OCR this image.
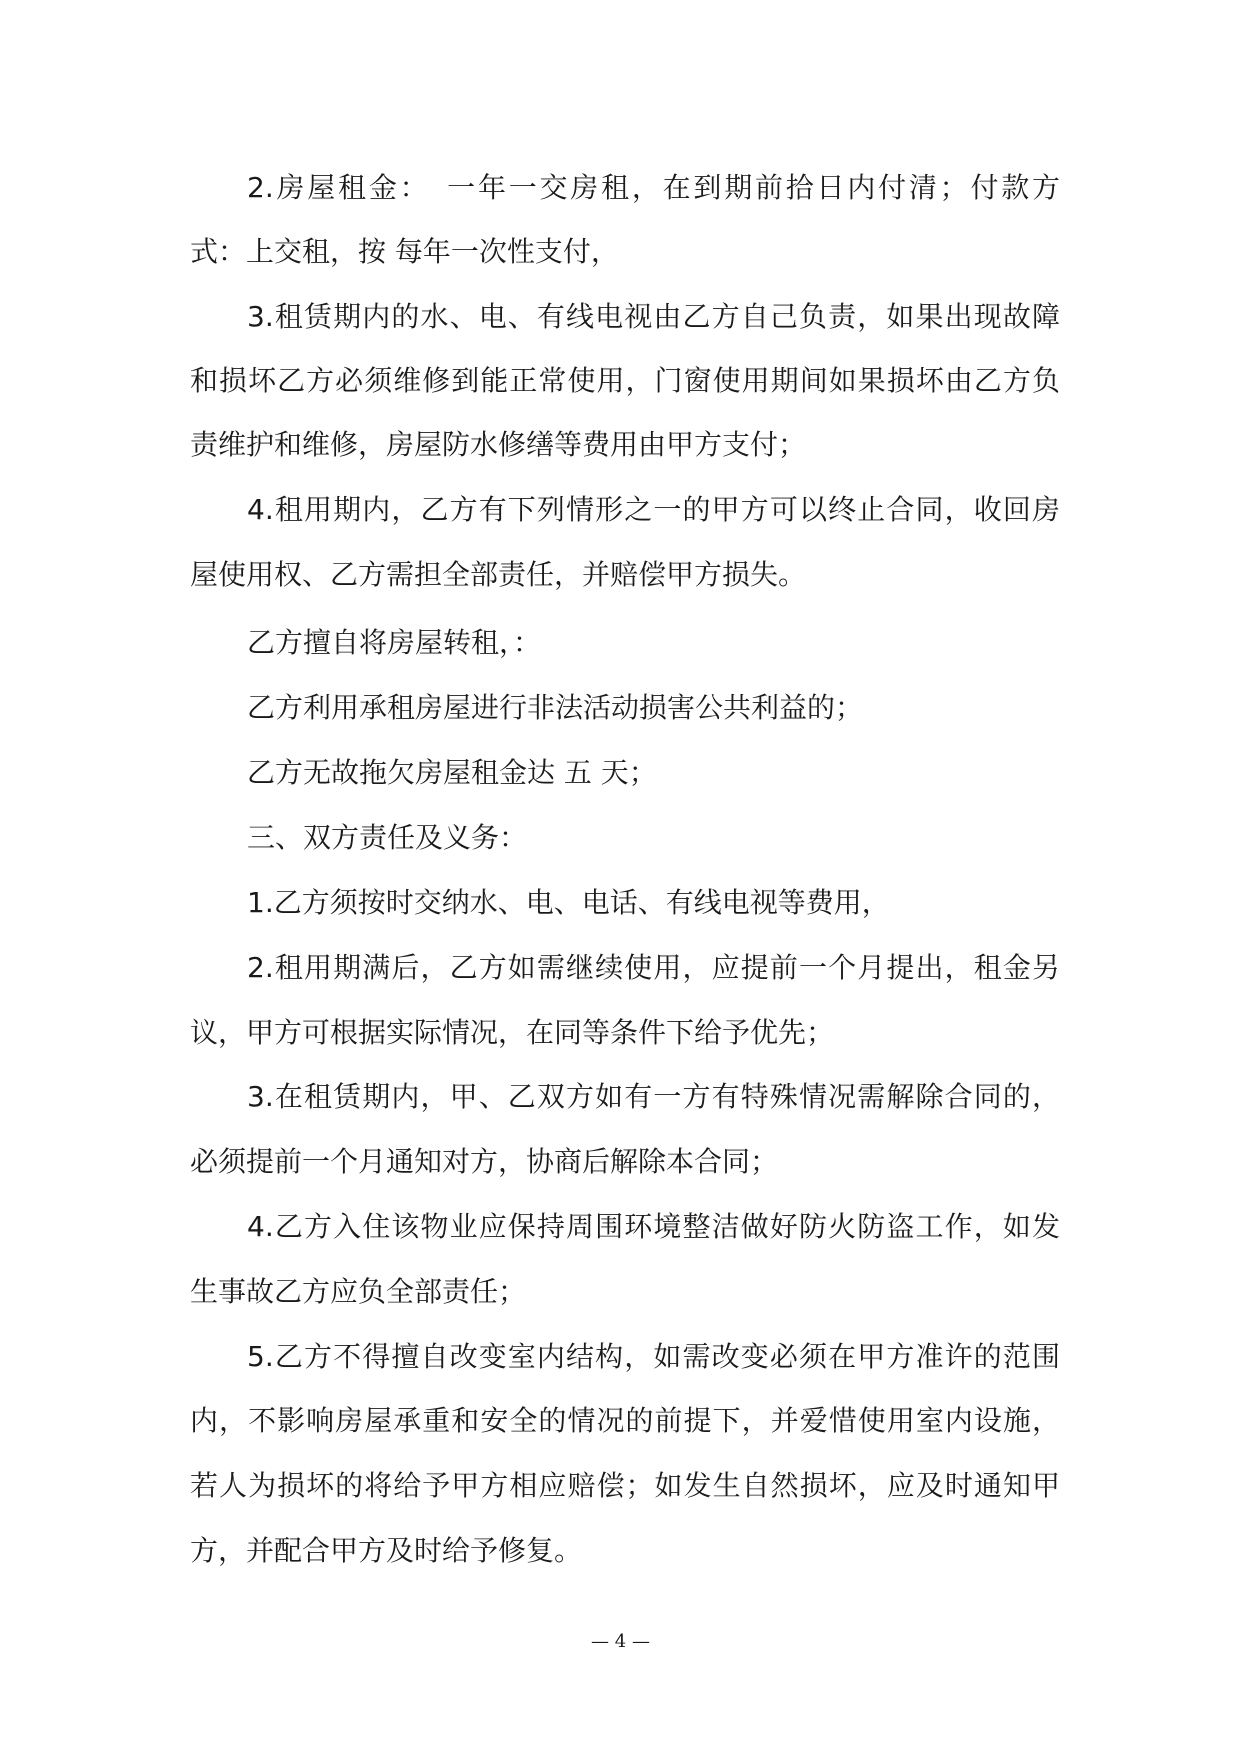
2.房屋租金：　一年一交房租，在到期前拾日内付清；付款方
式：上交租，按 每年一次性支付，
3.租赁期内的水、电、有线电视由乙方自己负责，如果出现故障
和损坏乙方必须维修到能正常使用，门窗使用期间如果损坏由乙方负
责维护和维修，房屋防水修缮等费用由甲方支付；
4.租用期内，乙方有下列情形之一的甲方可以终止合同，收回房
屋使用权、乙方需担全部责任，并赔偿甲方损失。
乙方擅自将房屋转租，：
乙方利用承租房屋进行非法活动损害公共利益的；
乙方无故拖欠房屋租金达 五 天；
三、双方责任及义务：
1.乙方须按时交纳水、电、电话、有线电视等费用，
2.租用期满后，乙方如需继续使用，应提前一个月提出，租金另
议，甲方可根据实际情况，在同等条件下给予优先；
3.在租赁期内，甲、乙双方如有一方有特殊情况需解除合同的，
必须提前一个月通知对方，协商后解除本合同；
4.乙方入住该物业应保持周围环境整洁做好防火防盗工作，如发
生事故乙方应负全部责任；
5.乙方不得擅自改变室内结构，如需改变必须在甲方准许的范围
内，不影响房屋承重和安全的情况的前提下，并爱惜使用室内设施，
若人为损坏的将给予甲方相应赔偿；如发生自然损坏，应及时通知甲
方，并配合甲方及时给予修复。
— 4 —
